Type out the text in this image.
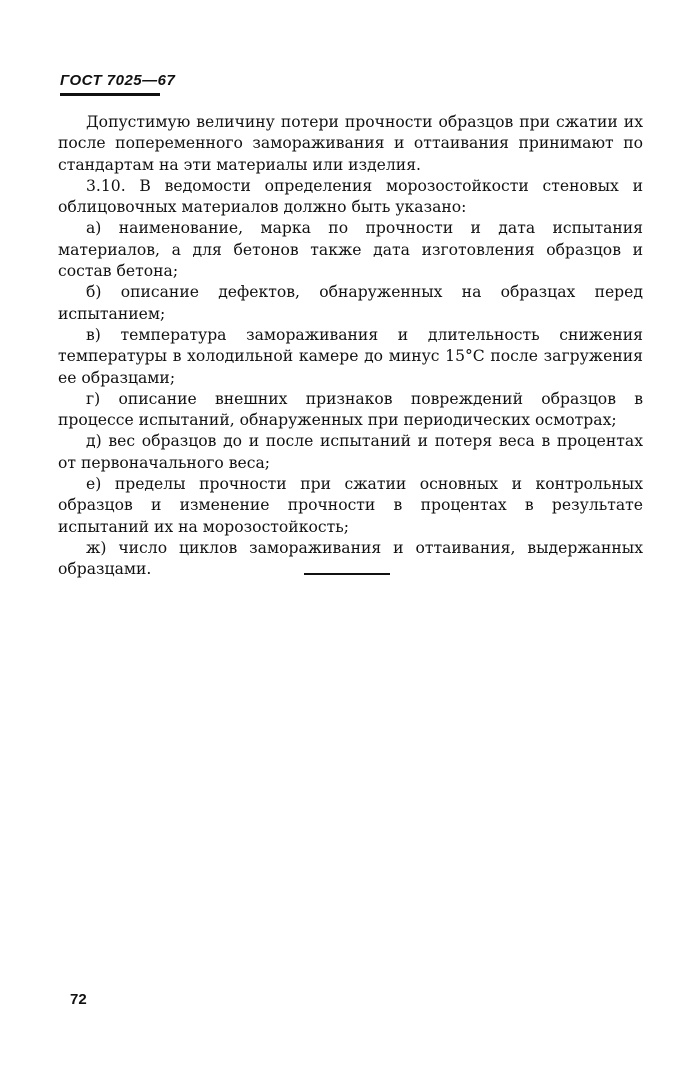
ГОСТ 7025—67

Допустимую величину потери прочности образцов при сжатии их после попеременного замораживания и оттаивания принимают по стандартам на эти материалы или изделия.

3.10. В ведомости определения морозостойкости стеновых и облицовочных материалов должно быть указано:

а) наименование, марка по прочности и дата испытания материалов, а для бетонов также дата изготовления образцов и состав бетона;

б) описание дефектов, обнаруженных на образцах перед испытанием;

в) температура замораживания и длительность снижения температуры в холодильной камере до минус 15°С после загружения ее образцами;

г) описание внешних признаков повреждений образцов в процессе испытаний, обнаруженных при периодических осмотрах;

д) вес образцов до и после испытаний и потеря веса в процентах от первоначального веса;

е) пределы прочности при сжатии основных и контрольных образцов и изменение прочности в процентах в результате испытаний их на морозостойкость;

ж) число циклов замораживания и оттаивания, выдержанных образцами.

72
